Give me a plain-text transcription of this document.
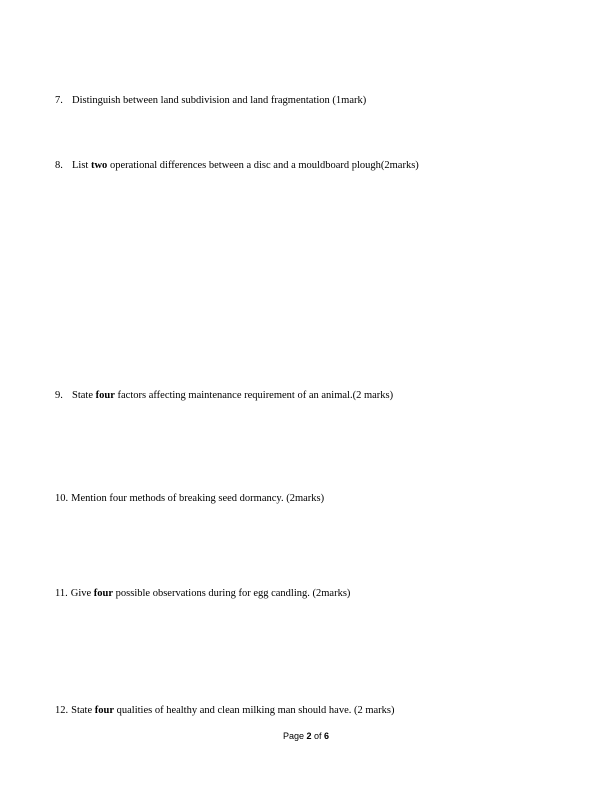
7. Distinguish between land subdivision and land fragmentation (1mark)
8. List two operational differences between a disc and a mouldboard plough(2marks)
9. State four factors affecting maintenance requirement of an animal.(2 marks)
10. Mention four methods of breaking seed dormancy. (2marks)
11. Give four possible observations during for egg candling. (2marks)
12. State four qualities of healthy and clean milking man should have. (2 marks)
Page 2 of 6
